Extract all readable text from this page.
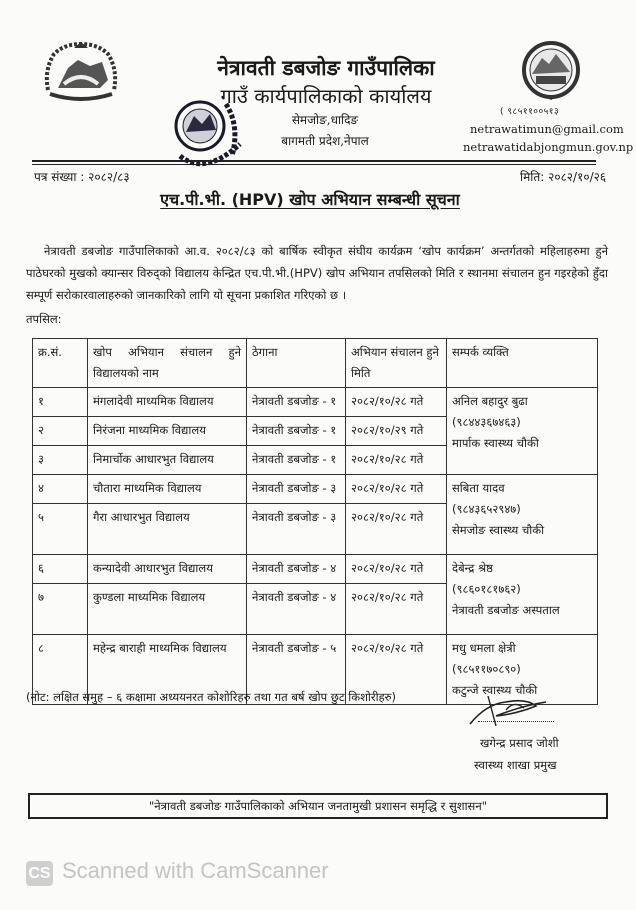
नेत्रावती डबजोङ गाउँपालिका
गाउँ कार्यपालिकाको कार्यालय
सेमजोङ,धादिङ
बागमती प्रदेश,नेपाल
( ९८५११००५१३
netrawatimun@gmail.com
netrawatidabjongmun.gov.np
पत्र संख्या : २०८२/८३	मिति: २०८२/१०/२६
एच.पी.भी. (HPV) खोप अभियान सम्बन्धी सूचना
नेत्रावती डबजोङ गाउँपालिकाको आ.व. २०८२/८३ को बार्षिक स्वीकृत संघीय कार्यक्रम ‘खोप कार्यक्रम’ अन्तर्गतको महिलाहरुमा हुने पाठेघरको मुखको क्यान्सर विरुद्को विद्यालय केन्द्रित एच.पी.भी.(HPV) खोप अभियान तपसिलको मिति र स्थानमा संचालन हुन गइरहेको हुँदा सम्पूर्ण सरोकारवालाहरुको जानकारिको लागि यो सूचना प्रकाशित गरिएको छ ।
तपसिल:
क्र.सं.	खोप अभियान संचालन हुने विद्यालयको नाम	ठेगाना	अभियान संचालन हुने मिति	सम्पर्क व्यक्ति
१	मंगलादेवी माध्यमिक विद्यालय	नेत्रावती डबजोङ - १	२०८२/१०/२८ गते	अनिल बहादुर बुढा
(९८४४३६७४६३)
मार्पाक स्वास्थ्य चौकी

२	निरंजना माध्यमिक विद्यालय	नेत्रावती डबजोङ - १	२०८२/१०/२९ गते	
३	निमार्चोक आधारभुत विद्यालय	नेत्रावती डबजोङ - १	२०८२/१०/२८ गते	
४	चौतारा माध्यमिक विद्यालय	नेत्रावती डबजोङ - ३	२०८२/१०/२८ गते	सबिता यादव
(९८४३६५२९४७)
सेमजोङ स्वास्थ्य चौकी

५	गैरा आधारभुत विद्यालय	नेत्रावती डबजोङ - ३	२०८२/१०/२८ गते	
६	कन्यादेवी आधारभुत विद्यालय	नेत्रावती डबजोङ - ४	२०८२/१०/२८ गते	देबेन्द्र श्रेष्ठ
(९८६०१८१७६२)
नेत्रावती डबजोङ अस्पताल

७	कुण्डला माध्यमिक विद्यालय	नेत्रावती डबजोङ - ४	२०८२/१०/२८ गते	
८	महेन्द्र बाराही माध्यमिक विद्यालय	नेत्रावती डबजोङ - ५	२०८२/१०/२८ गते	मधु धमला क्षेत्री
(९८५११७०८९०)
कटुन्जे स्वास्थ्य चौकी
(नोट: लक्षित समुह – ६ कक्षामा अध्ययनरत कोशोरिहरु तथा गत बर्ष खोप छुट किशोरीहरु)
खगेन्द्र प्रसाद जोशी
स्वास्थ्य शाखा प्रमुख
"नेत्रावती डबजोङ गाउँपालिकाको अभियान जनतामुखी प्रशासन समृद्धि र सुशासन"
CS Scanned with CamScanner
